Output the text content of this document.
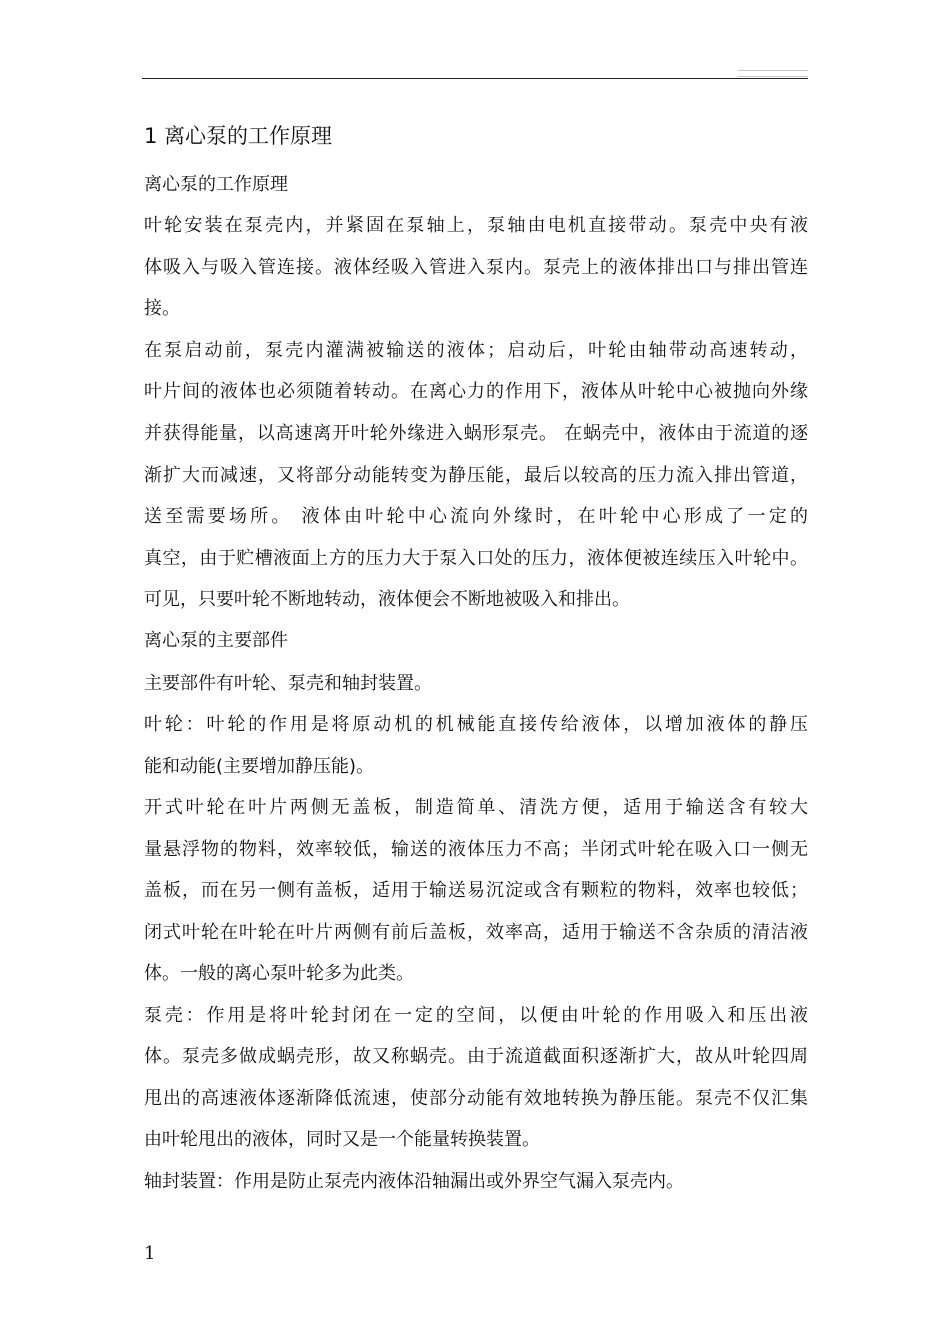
1 离心泵的工作原理
离心泵的工作原理
叶轮安装在泵壳内，并紧固在泵轴上，泵轴由电机直接带动。泵壳中央有液
体吸入与吸入管连接。液体经吸入管进入泵内。泵壳上的液体排出口与排出管连
接。
在泵启动前，泵壳内灌满被输送的液体；启动后，叶轮由轴带动高速转动，
叶片间的液体也必须随着转动。在离心力的作用下，液体从叶轮中心被抛向外缘
并获得能量，以高速离开叶轮外缘进入蜗形泵壳。 在蜗壳中，液体由于流道的逐
渐扩大而减速，又将部分动能转变为静压能，最后以较高的压力流入排出管道，
送至需要场所。 液体由叶轮中心流向外缘时，在叶轮中心形成了一定的
真空，由于贮槽液面上方的压力大于泵入口处的压力，液体便被连续压入叶轮中。
可见，只要叶轮不断地转动，液体便会不断地被吸入和排出。
离心泵的主要部件
主要部件有叶轮、泵壳和轴封装置。
叶轮：叶轮的作用是将原动机的机械能直接传给液体，以增加液体的静压
能和动能(主要增加静压能)。
开式叶轮在叶片两侧无盖板，制造简单、清洗方便，适用于输送含有较大
量悬浮物的物料，效率较低，输送的液体压力不高；半闭式叶轮在吸入口一侧无
盖板，而在另一侧有盖板，适用于输送易沉淀或含有颗粒的物料，效率也较低；
闭式叶轮在叶轮在叶片两侧有前后盖板，效率高，适用于输送不含杂质的清洁液
体。一般的离心泵叶轮多为此类。
泵壳：作用是将叶轮封闭在一定的空间，以便由叶轮的作用吸入和压出液
体。泵壳多做成蜗壳形，故又称蜗壳。由于流道截面积逐渐扩大，故从叶轮四周
甩出的高速液体逐渐降低流速，使部分动能有效地转换为静压能。泵壳不仅汇集
由叶轮甩出的液体，同时又是一个能量转换装置。
轴封装置：作用是防止泵壳内液体沿轴漏出或外界空气漏入泵壳内。
1
